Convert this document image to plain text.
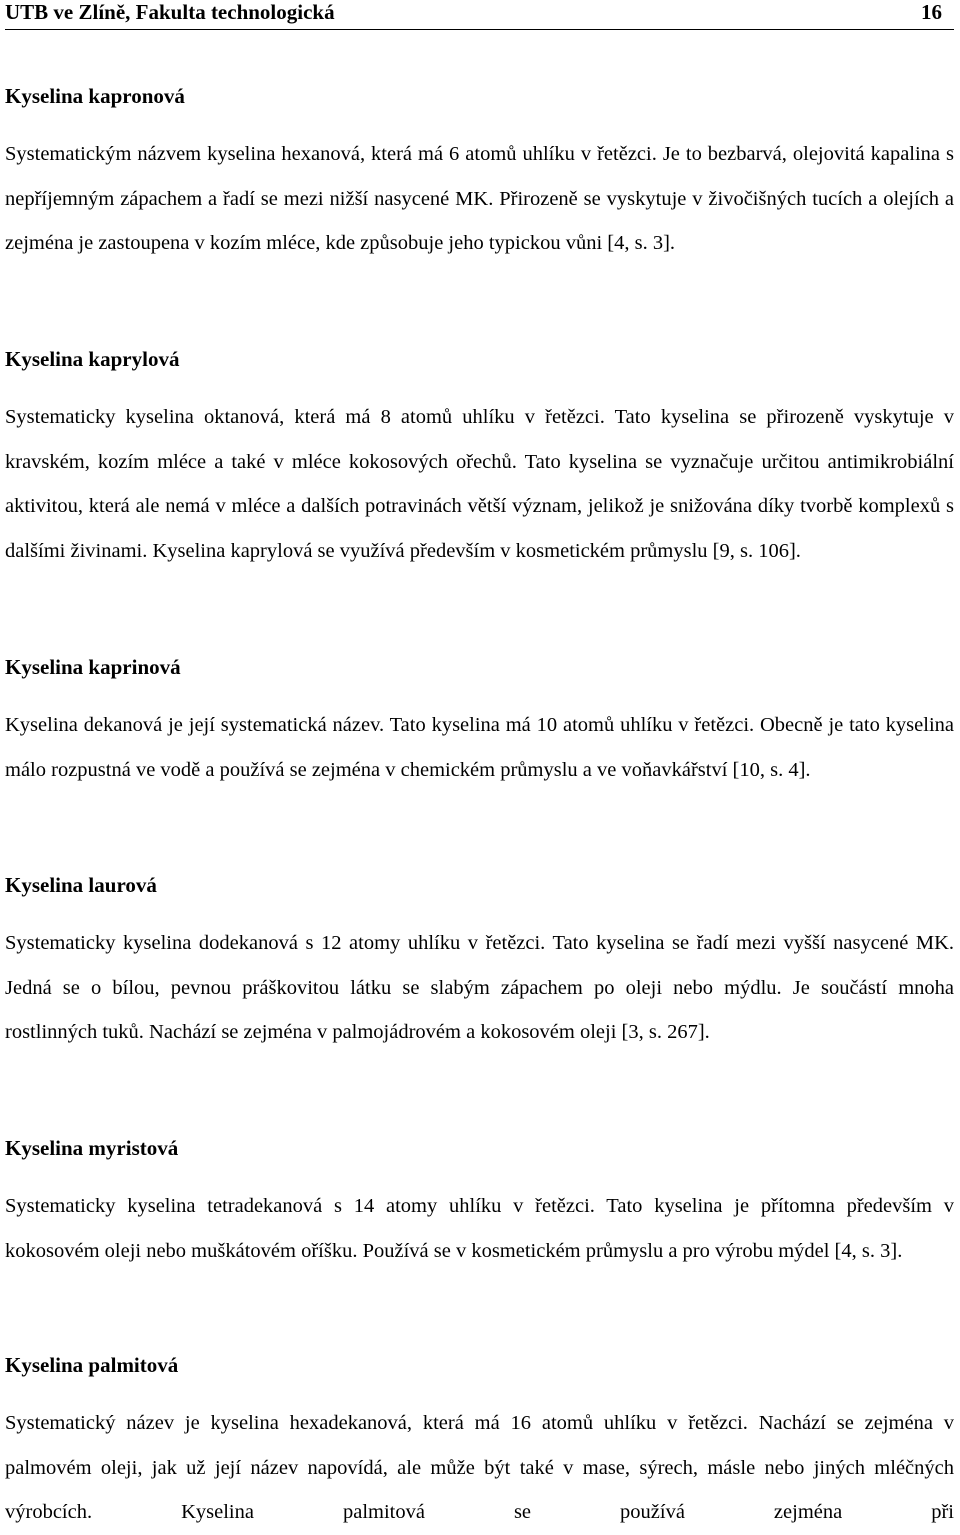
UTB ve Zlíně, Fakulta technologická	16
Kyselina kapronová

Systematickým názvem kyselina hexanová, která má 6 atomů uhlíku v řetězci. Je to bezbarvá, olejovitá kapalina s nepříjemným zápachem a řadí se mezi nižší nasycené MK. Přirozeně se vyskytuje v živočišných tucích a olejích a zejména je zastoupena v kozím mléce, kde způsobuje jeho typickou vůni [4, s. 3].

Kyselina kaprylová

Systematicky kyselina oktanová, která má 8 atomů uhlíku v řetězci. Tato kyselina se přirozeně vyskytuje v kravském, kozím mléce a také v mléce kokosových ořechů. Tato kyselina se vyznačuje určitou antimikrobiální aktivitou, která ale nemá v mléce a dalších potravinách větší význam, jelikož je snižována díky tvorbě komplexů s dalšími živinami. Kyselina kaprylová se využívá především v kosmetickém průmyslu [9, s. 106].

Kyselina kaprinová

Kyselina dekanová je její systematická název. Tato kyselina má 10 atomů uhlíku v řetězci. Obecně je tato kyselina málo rozpustná ve vodě a používá se zejména v chemickém průmyslu a ve voňavkářství [10, s. 4].

Kyselina laurová

Systematicky kyselina dodekanová s 12 atomy uhlíku v řetězci. Tato kyselina se řadí mezi vyšší nasycené MK. Jedná se o bílou, pevnou práškovitou látku se slabým zápachem po oleji nebo mýdlu. Je součástí mnoha rostlinných tuků. Nachází se zejména v palmojádrovém a kokosovém oleji [3, s. 267].

Kyselina myristová

Systematicky kyselina tetradekanová s 14 atomy uhlíku v řetězci. Tato kyselina je přítomna především v kokosovém oleji nebo muškátovém oříšku. Používá se v kosmetickém průmyslu a pro výrobu mýdel [4, s. 3].

Kyselina palmitová

Systematický název je kyselina hexadekanová, která má 16 atomů uhlíku v řetězci. Nachází se zejména v palmovém oleji, jak už její název napovídá, ale může být také v mase, sýrech, másle nebo jiných mléčných výrobcích. Kyselina palmitová se používá zejména při
